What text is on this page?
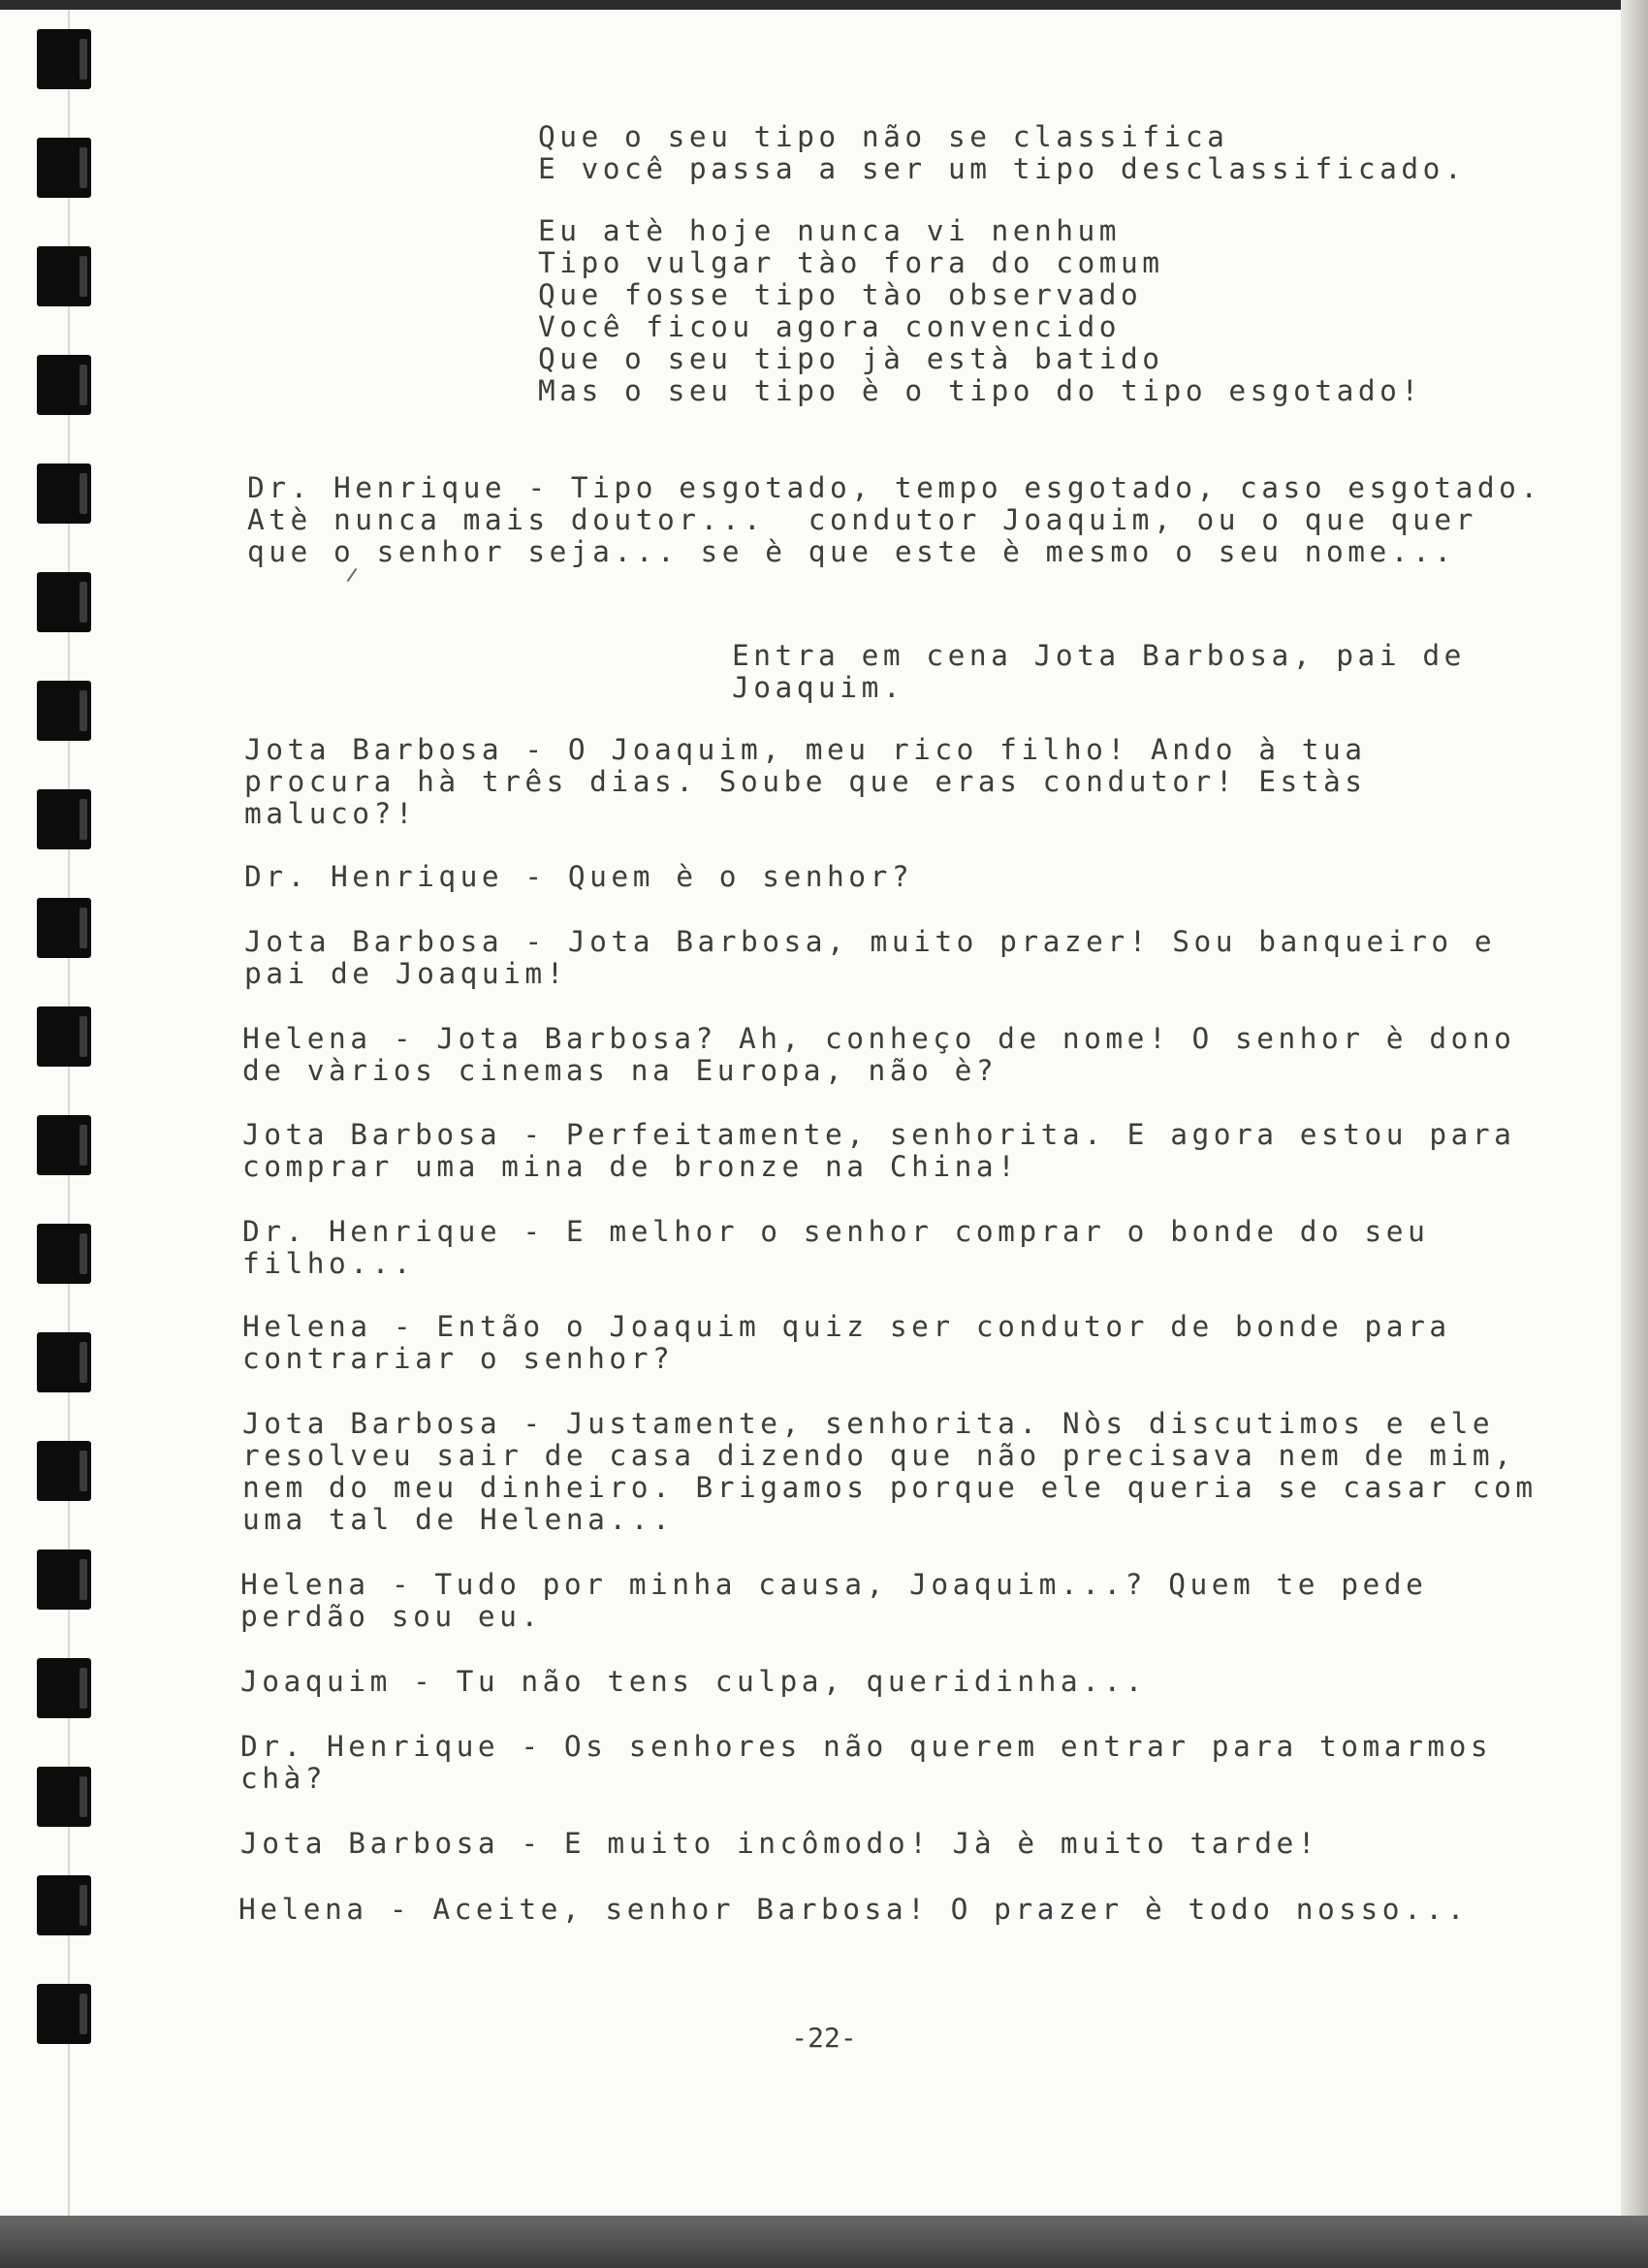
Que o seu tipo não se classifica
E você passa a ser um tipo desclassificado.

Eu atè hoje nunca vi nenhum
Tipo vulgar tào fora do comum
Que fosse tipo tào observado
Você ficou agora convencido
Que o seu tipo jà està batido
Mas o seu tipo è o tipo do tipo esgotado!

Dr. Henrique - Tipo esgotado, tempo esgotado, caso esgotado.
Atè nunca mais doutor...  condutor Joaquim, ou o que quer
que o senhor seja... se è que este è mesmo o seu nome...

Entra em cena Jota Barbosa, pai de
Joaquim.

Jota Barbosa - O Joaquim, meu rico filho! Ando à tua
procura hà três dias. Soube que eras condutor! Estàs
maluco?!

Dr. Henrique - Quem è o senhor?

Jota Barbosa - Jota Barbosa, muito prazer! Sou banqueiro e
pai de Joaquim!

Helena - Jota Barbosa? Ah, conheço de nome! O senhor è dono
de vàrios cinemas na Europa, não è?

Jota Barbosa - Perfeitamente, senhorita. E agora estou para
comprar uma mina de bronze na China!

Dr. Henrique - E melhor o senhor comprar o bonde do seu
filho...

Helena - Então o Joaquim quiz ser condutor de bonde para
contrariar o senhor?

Jota Barbosa - Justamente, senhorita. Nòs discutimos e ele
resolveu sair de casa dizendo que não precisava nem de mim,
nem do meu dinheiro. Brigamos porque ele queria se casar com
uma tal de Helena...

Helena - Tudo por minha causa, Joaquim...? Quem te pede
perdão sou eu.

Joaquim - Tu não tens culpa, queridinha...

Dr. Henrique - Os senhores não querem entrar para tomarmos
chà?

Jota Barbosa - E muito incômodo! Jà è muito tarde!

Helena - Aceite, senhor Barbosa! O prazer è todo nosso...

-22-
